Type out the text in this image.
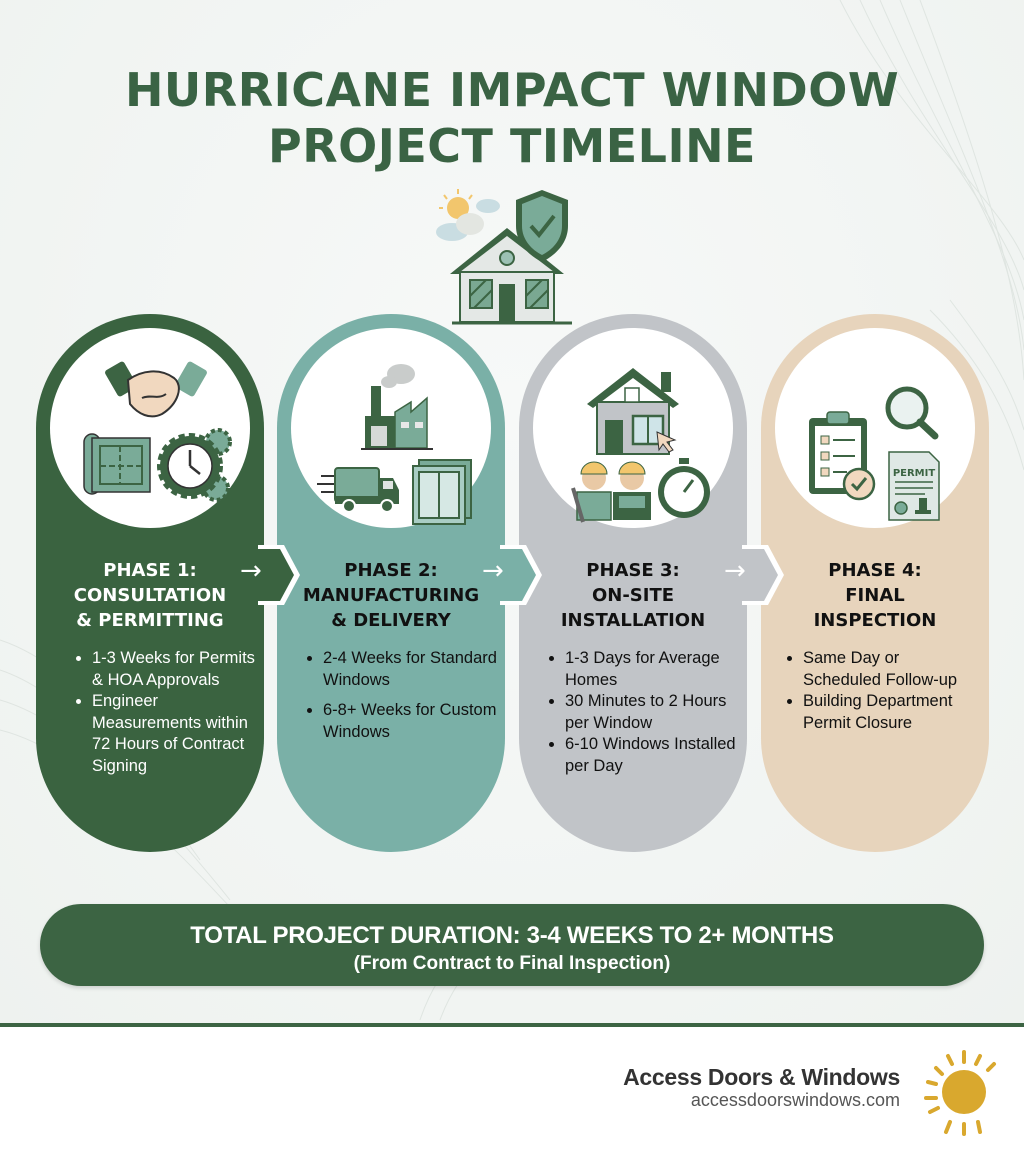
HURRICANE IMPACT WINDOW
PROJECT TIMELINE
PHASE 1:
CONSULTATION
& PERMITTING
1-3 Weeks for Permits & HOA Approvals
Engineer Measurements within 72 Hours of Contract Signing
PHASE 2:
MANUFACTURING
& DELIVERY
2-4 Weeks for Standard Windows
6-8+ Weeks for Custom Windows
PHASE 3:
ON-SITE
INSTALLATION
1-3 Days for Average Homes
30 Minutes to 2 Hours per Window
6-10 Windows Installed per Day
PERMIT
PHASE 4:
FINAL
INSPECTION
Same Day or Scheduled Follow-up
Building Department Permit Closure
→	→	→
TOTAL PROJECT DURATION: 3-4 WEEKS TO 2+ MONTHS
(From Contract to Final Inspection)
Access Doors & Windows
accessdoorswindows.com
